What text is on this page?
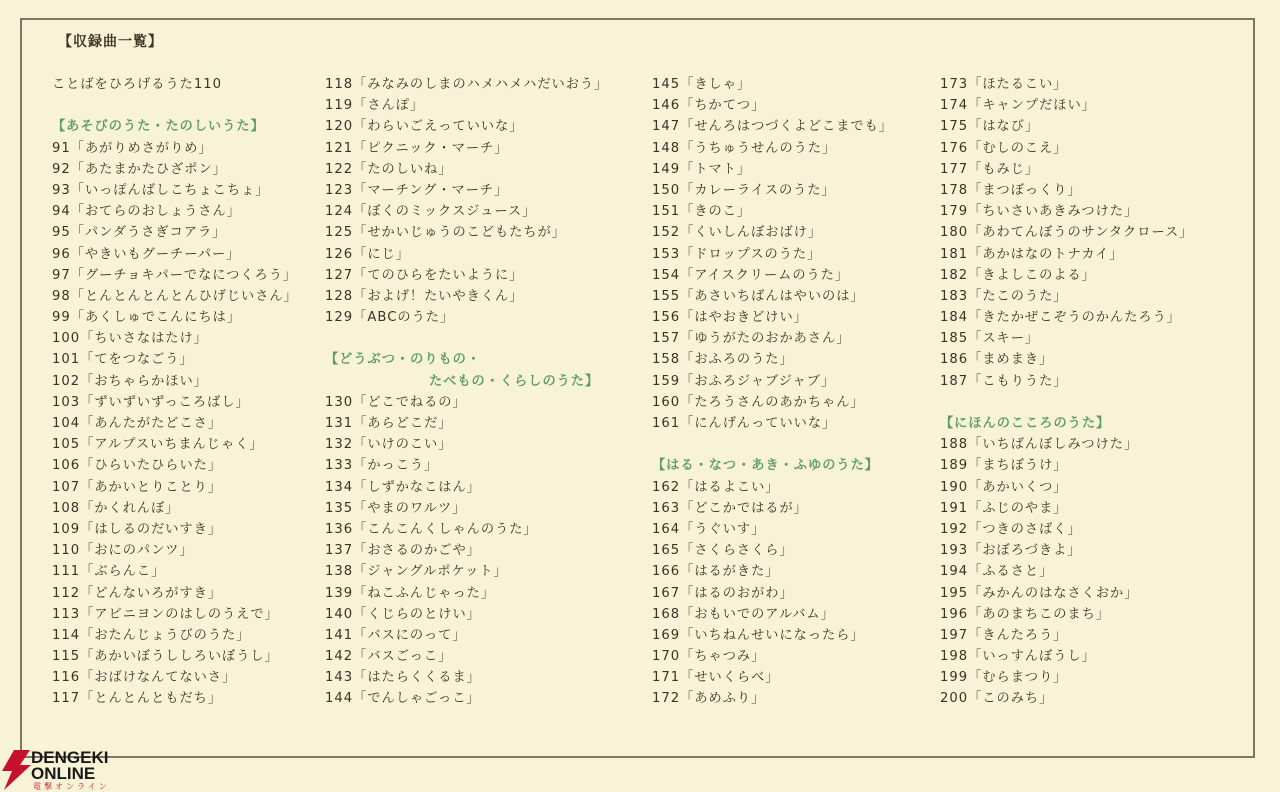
【収録曲一覧】
ことばをひろげるうた110
【あそびのうた・たのしいうた】
91「あがりめさがりめ」
92「あたまかたひざポン」
93「いっぽんばしこちょこちょ」
94「おてらのおしょうさん」
95「パンダうさぎコアラ」
96「やきいもグーチーパー」
97「グーチョキパーでなにつくろう」
98「とんとんとんとんひげじいさん」
99「あくしゅでこんにちは」
100「ちいさなはたけ」
101「てをつなごう」
102「おちゃらかほい」
103「ずいずいずっころばし」
104「あんたがたどこさ」
105「アルプスいちまんじゃく」
106「ひらいたひらいた」
107「あかいとりことり」
108「かくれんぼ」
109「はしるのだいすき」
110「おにのパンツ」
111「ぶらんこ」
112「どんないろがすき」
113「アビニヨンのはしのうえで」
114「おたんじょうびのうた」
115「あかいぼうししろいぼうし」
116「おばけなんてないさ」
117「とんとんともだち」
118「みなみのしまのハメハメハだいおう」
119「さんぽ」
120「わらいごえっていいな」
121「ピクニック・マーチ」
122「たのしいね」
123「マーチング・マーチ」
124「ぼくのミックスジュース」
125「せかいじゅうのこどもたちが」
126「にじ」
127「てのひらをたいように」
128「およげ！たいやきくん」
129「ABCのうた」
【どうぶつ・のりもの・
たべもの・くらしのうた】
130「どこでねるの」
131「あらどこだ」
132「いけのこい」
133「かっこう」
134「しずかなこはん」
135「やまのワルツ」
136「こんこんくしゃんのうた」
137「おさるのかごや」
138「ジャングルポケット」
139「ねこふんじゃった」
140「くじらのとけい」
141「バスにのって」
142「バスごっこ」
143「はたらくくるま」
144「でんしゃごっこ」
145「きしゃ」
146「ちかてつ」
147「せんろはつづくよどこまでも」
148「うちゅうせんのうた」
149「トマト」
150「カレーライスのうた」
151「きのこ」
152「くいしんぼおばけ」
153「ドロップスのうた」
154「アイスクリームのうた」
155「あさいちばんはやいのは」
156「はやおきどけい」
157「ゆうがたのおかあさん」
158「おふろのうた」
159「おふろジャブジャブ」
160「たろうさんのあかちゃん」
161「にんげんっていいな」
【はる・なつ・あき・ふゆのうた】
162「はるよこい」
163「どこかではるが」
164「うぐいす」
165「さくらさくら」
166「はるがきた」
167「はるのおがわ」
168「おもいでのアルバム」
169「いちねんせいになったら」
170「ちゃつみ」
171「せいくらべ」
172「あめふり」
173「ほたるこい」
174「キャンプだほい」
175「はなび」
176「むしのこえ」
177「もみじ」
178「まつぼっくり」
179「ちいさいあきみつけた」
180「あわてんぼうのサンタクロース」
181「あかはなのトナカイ」
182「きよしこのよる」
183「たこのうた」
184「きたかぜこぞうのかんたろう」
185「スキー」
186「まめまき」
187「こもりうた」
【にほんのこころのうた】
188「いちばんぼしみつけた」
189「まちぼうけ」
190「あかいくつ」
191「ふじのやま」
192「つきのさばく」
193「おぼろづきよ」
194「ふるさと」
195「みかんのはなさくおか」
196「あのまちこのまち」
197「きんたろう」
198「いっすんぼうし」
199「むらまつり」
200「このみち」
DENGEKI
ONLINE
電撃オンライン
